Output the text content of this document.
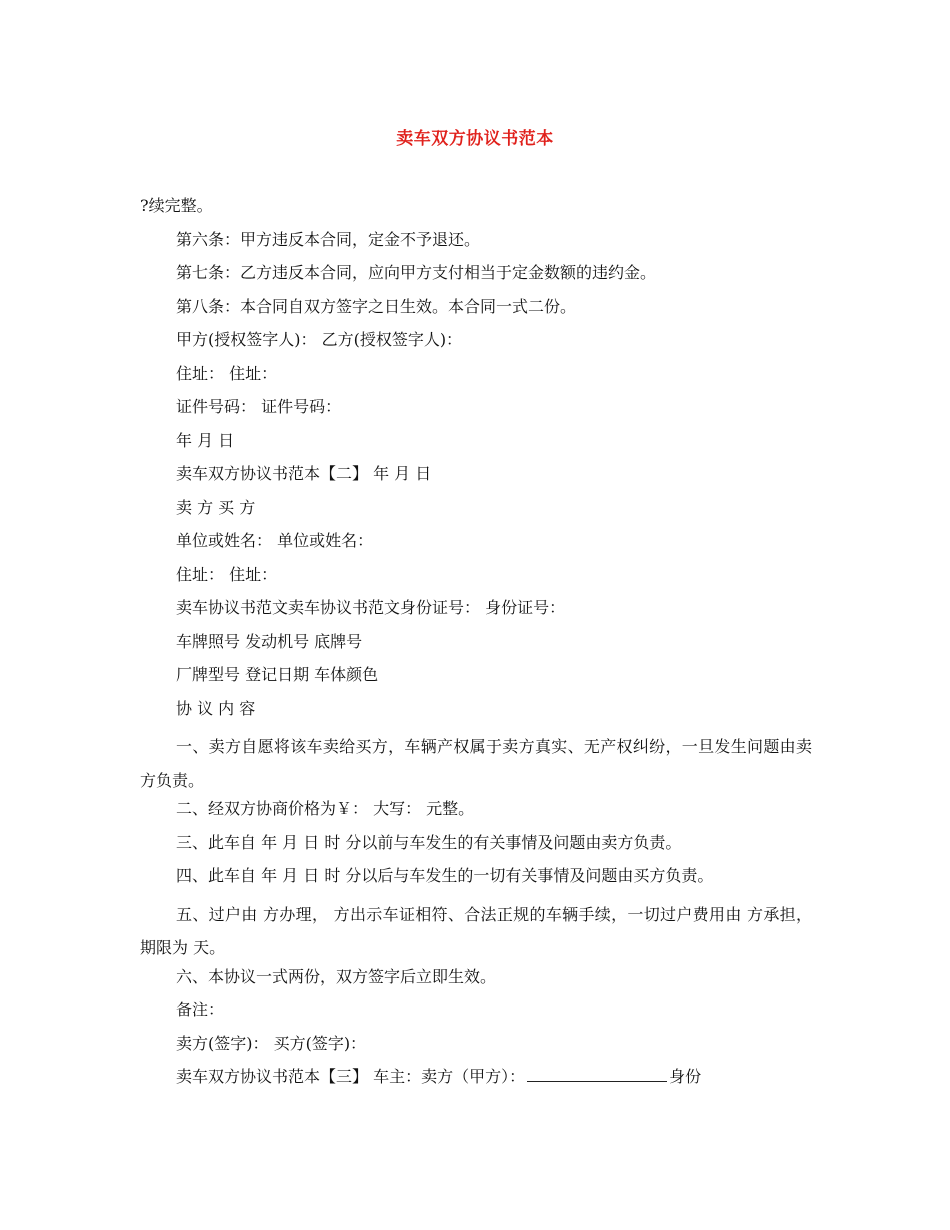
卖车双方协议书范本
?续完整。
第六条：甲方违反本合同，定金不予退还。
第七条：乙方违反本合同，应向甲方支付相当于定金数额的违约金。
第八条：本合同自双方签字之日生效。本合同一式二份。
甲方(授权签字人)： 乙方(授权签字人)：
住址： 住址：
证件号码： 证件号码：
年 月 日
卖车双方协议书范本【二】 年 月 日
卖 方 买 方
单位或姓名： 单位或姓名：
住址： 住址：
卖车协议书范文卖车协议书范文身份证号： 身份证号：
车牌照号 发动机号 底牌号
厂牌型号 登记日期 车体颜色
协 议 内 容
一、卖方自愿将该车卖给买方，车辆产权属于卖方真实、无产权纠纷，一旦发生问题由卖方负责。
二、经双方协商价格为￥： 大写： 元整。
三、此车自 年 月 日 时 分以前与车发生的有关事情及问题由卖方负责。
四、此车自 年 月 日 时 分以后与车发生的一切有关事情及问题由买方负责。
五、过户由 方办理， 方出示车证相符、合法正规的车辆手续，一切过户费用由 方承担，期限为 天。
六、本协议一式两份，双方签字后立即生效。
备注：
卖方(签字)： 买方(签字)：
卖车双方协议书范本【三】 车主：卖方（甲方）：	身份
